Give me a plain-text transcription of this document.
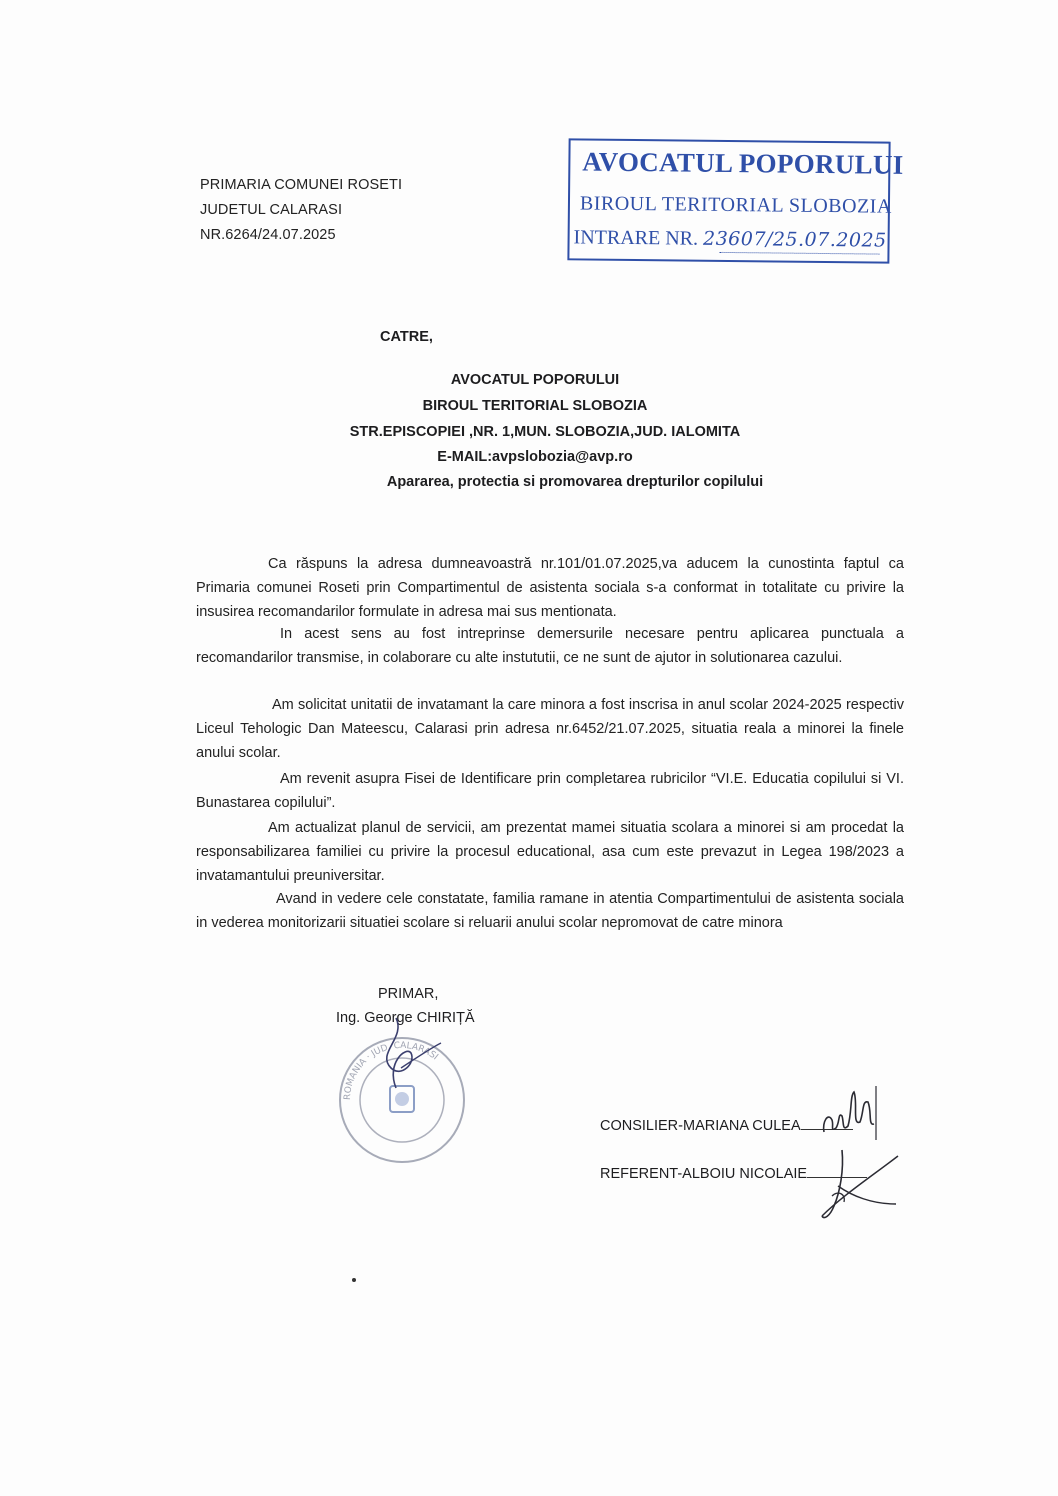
PRIMARIA COMUNEI ROSETI
JUDETUL CALARASI
NR.6264/24.07.2025
AVOCATUL POPORULUI
BIROUL TERITORIAL SLOBOZIA
INTRARE NR. 23607/25.07.2025
CATRE,
AVOCATUL POPORULUI
BIROUL TERITORIAL SLOBOZIA
STR.EPISCOPIEI ,NR. 1,MUN. SLOBOZIA,JUD. IALOMITA
E-MAIL:avpslobozia@avp.ro
Apararea, protectia si promovarea drepturilor copilului
Ca răspuns la adresa dumneavoastră nr.101/01.07.2025,va aducem la cunostinta faptul ca Primaria comunei Roseti prin Compartimentul de asistenta sociala s-a conformat in totalitate cu privire la insusirea recomandarilor formulate in adresa mai sus mentionata.
In acest sens au fost intreprinse demersurile necesare pentru aplicarea punctuala a recomandarilor transmise, in colaborare cu alte instututii, ce ne sunt de ajutor in solutionarea cazului.
Am solicitat unitatii de invatamant la care minora a fost inscrisa in anul scolar 2024-2025 respectiv Liceul Tehologic Dan Mateescu, Calarasi prin adresa nr.6452/21.07.2025, situatia reala a minorei la finele anului scolar.
Am revenit asupra Fisei de Identificare prin completarea rubricilor “VI.E. Educatia copilului si VI. Bunastarea copilului”.
Am actualizat planul de servicii, am prezentat mamei situatia scolara a minorei si am procedat la responsabilizarea familiei cu privire la procesul educational, asa cum este prevazut in Legea 198/2023 a invatamantului preuniversitar.
Avand in vedere cele constatate, familia ramane in atentia Compartimentului de asistenta sociala in vederea monitorizarii situatiei scolare si reluarii anului scolar nepromovat de catre minora
PRIMAR,
Ing. George CHIRIȚĂ
ROMANIA · JUD. CALARASI
CONSILIER-MARIANA CULEA
REFERENT-ALBOIU NICOLAIE
